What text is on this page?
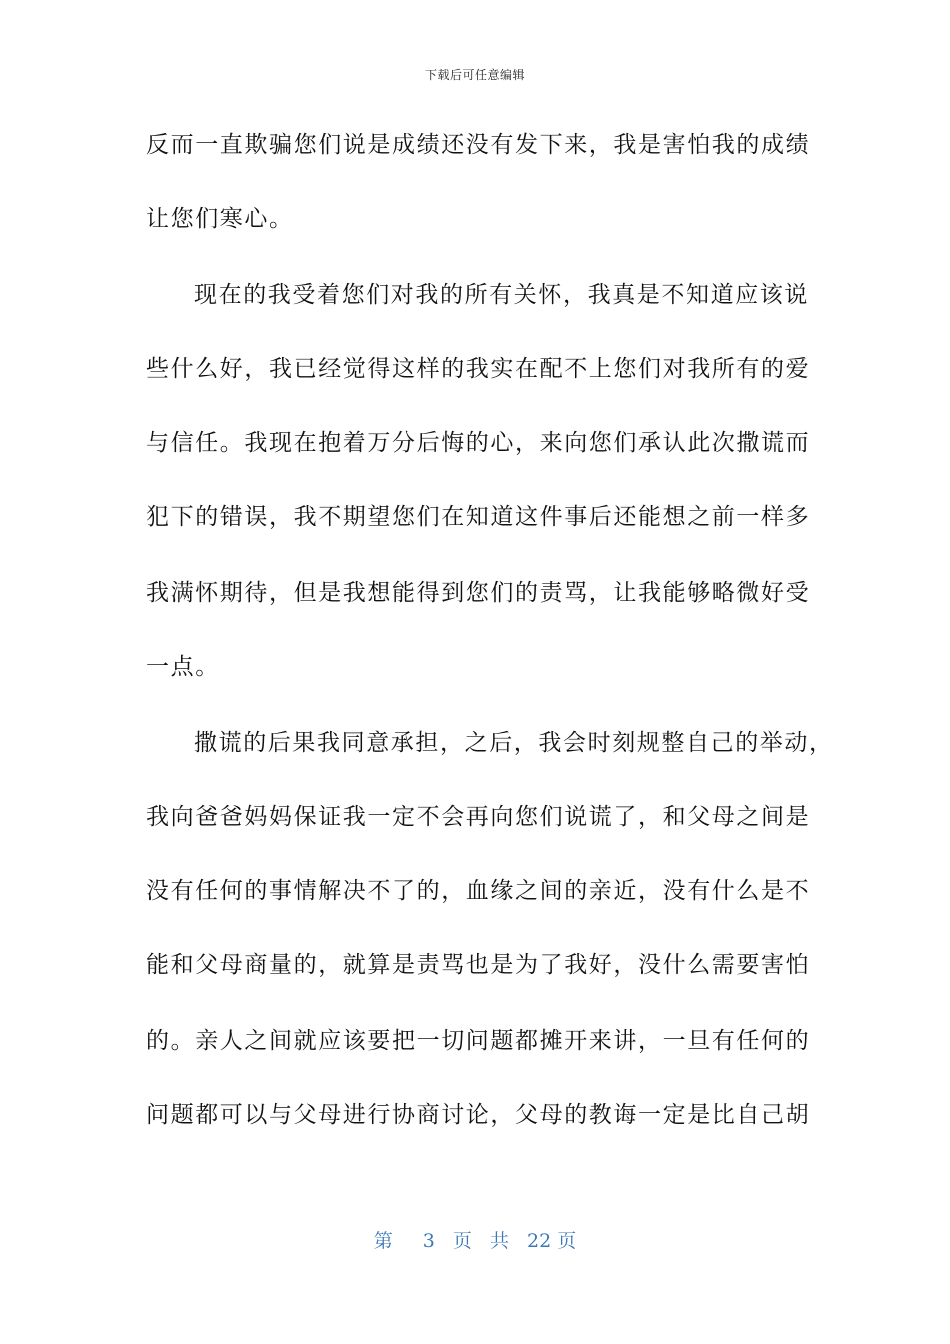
下载后可任意编辑
反而一直欺骗您们说是成绩还没有发下来，我是害怕我的成绩
让您们寒心。
现在的我受着您们对我的所有关怀，我真是不知道应该说
些什么好，我已经觉得这样的我实在配不上您们对我所有的爱
与信任。我现在抱着万分后悔的心，来向您们承认此次撒谎而
犯下的错误，我不期望您们在知道这件事后还能想之前一样多
我满怀期待，但是我想能得到您们的责骂，让我能够略微好受
一点。
撒谎的后果我同意承担，之后，我会时刻规整自己的举动，
我向爸爸妈妈保证我一定不会再向您们说谎了，和父母之间是
没有任何的事情解决不了的，血缘之间的亲近，没有什么是不
能和父母商量的，就算是责骂也是为了我好，没什么需要害怕
的。亲人之间就应该要把一切问题都摊开来讲，一旦有任何的
问题都可以与父母进行协商讨论，父母的教诲一定是比自己胡
第 3 页 共 22 页
